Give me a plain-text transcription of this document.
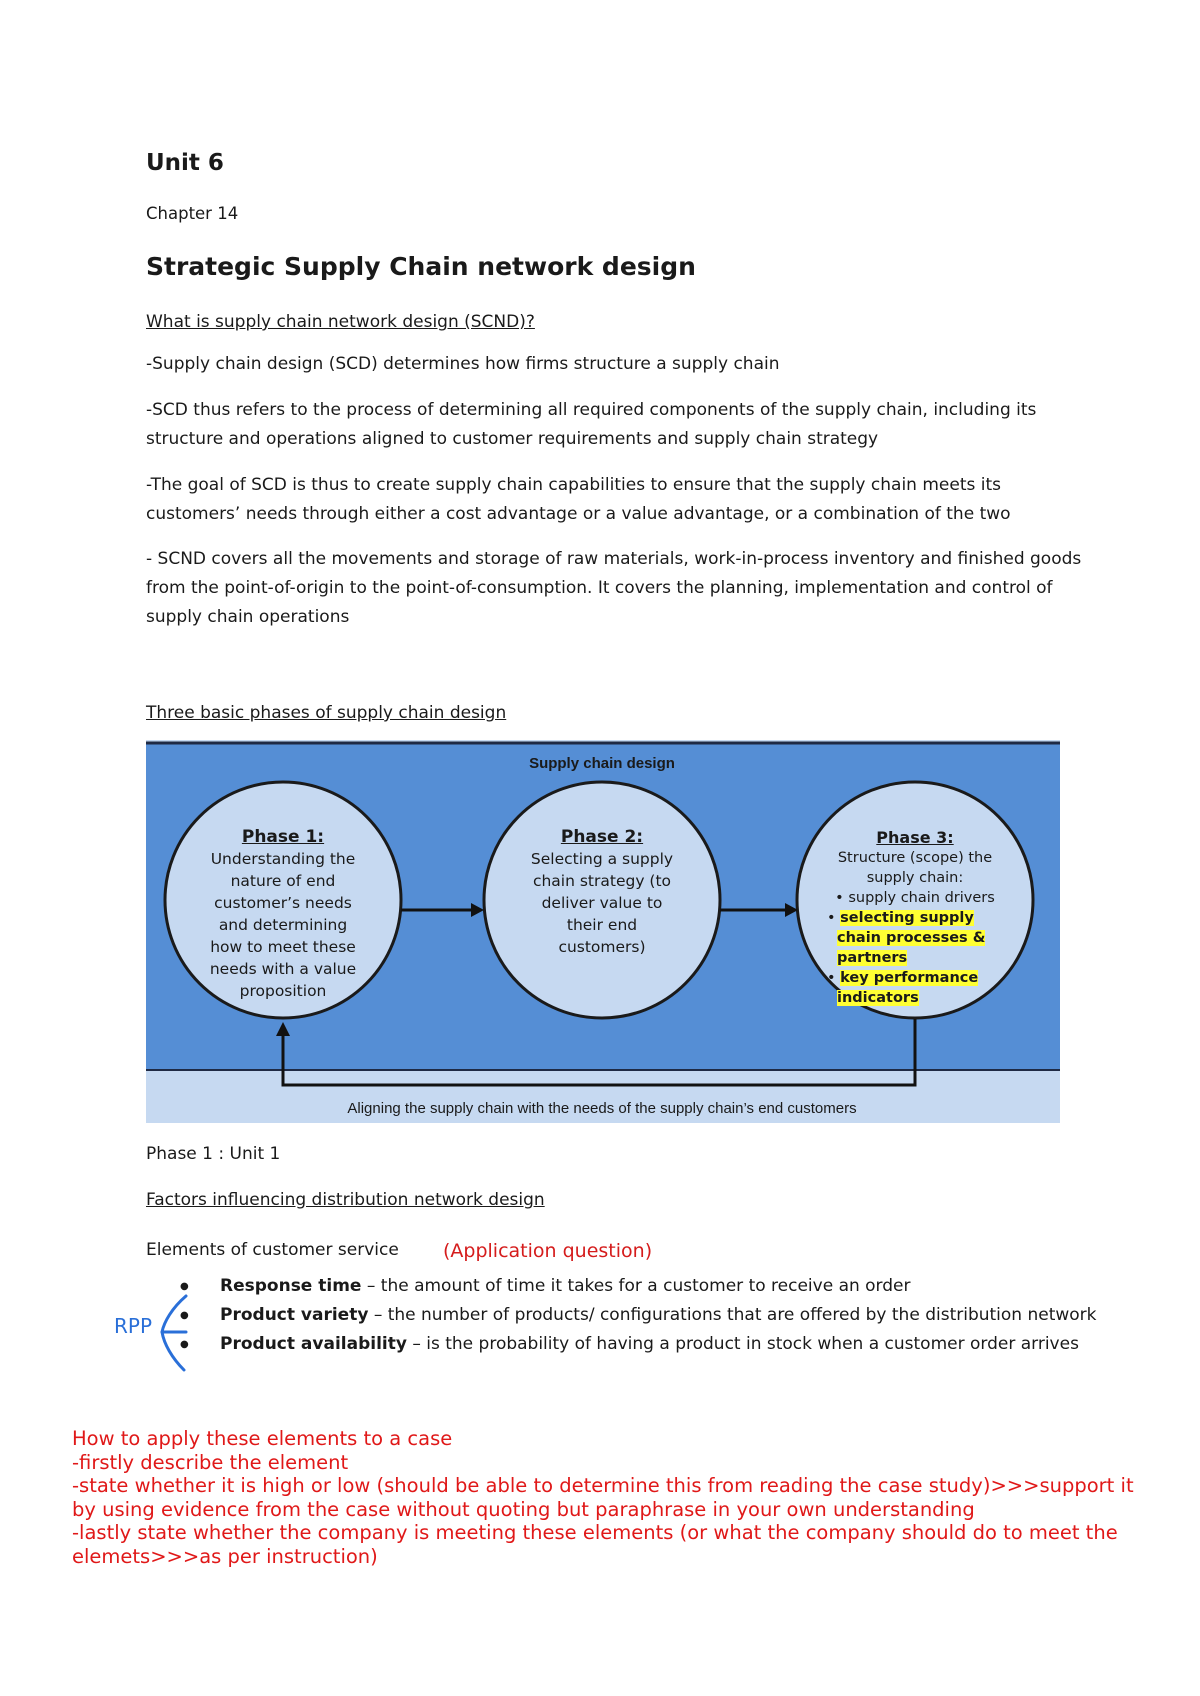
Unit 6
Chapter 14
Strategic Supply Chain network design
What is supply chain network design (SCND)?
-Supply chain design (SCD) determines how firms structure a supply chain
-SCD thus refers to the process of determining all required components of the supply chain, including its structure and operations aligned to customer requirements and supply chain strategy
-The goal of SCD is thus to create supply chain capabilities to ensure that the supply chain meets its customers’ needs through either a cost advantage or a value advantage, or a combination of the two
- SCND covers all the movements and storage of raw materials, work-in-process inventory and finished goods from the point-of-origin to the point-of-consumption. It covers the planning, implementation and control of supply chain operations
Three basic phases of supply chain design
Supply chain design
Aligning the supply chain with the needs of the supply chain’s end customers
Phase 1:
Understanding the
nature of end
customer’s needs
and determining
how to meet these
needs with a value
proposition
Phase 2:
Selecting a supply
chain strategy (to
deliver value to
their end
customers)
Phase 3:
Structure (scope) the
supply chain:
• supply chain drivers
• selecting supply
chain processes &
partners
• key performance
indicators
Phase 1 : Unit 1
Factors influencing distribution network design
Elements of customer service (Application question)
RPP
● Response time – the amount of time it takes for a customer to receive an order
● Product variety – the number of products/ configurations that are offered by the distribution network
● Product availability – is the probability of having a product in stock when a customer order arrives
How to apply these elements to a case
-firstly describe the element
-state whether it is high or low (should be able to determine this from reading the case study)>>>support it by using evidence from the case without quoting but paraphrase in your own understanding
-lastly state whether the company is meeting these elements (or what the company should do to meet the elemets>>>as per instruction)
